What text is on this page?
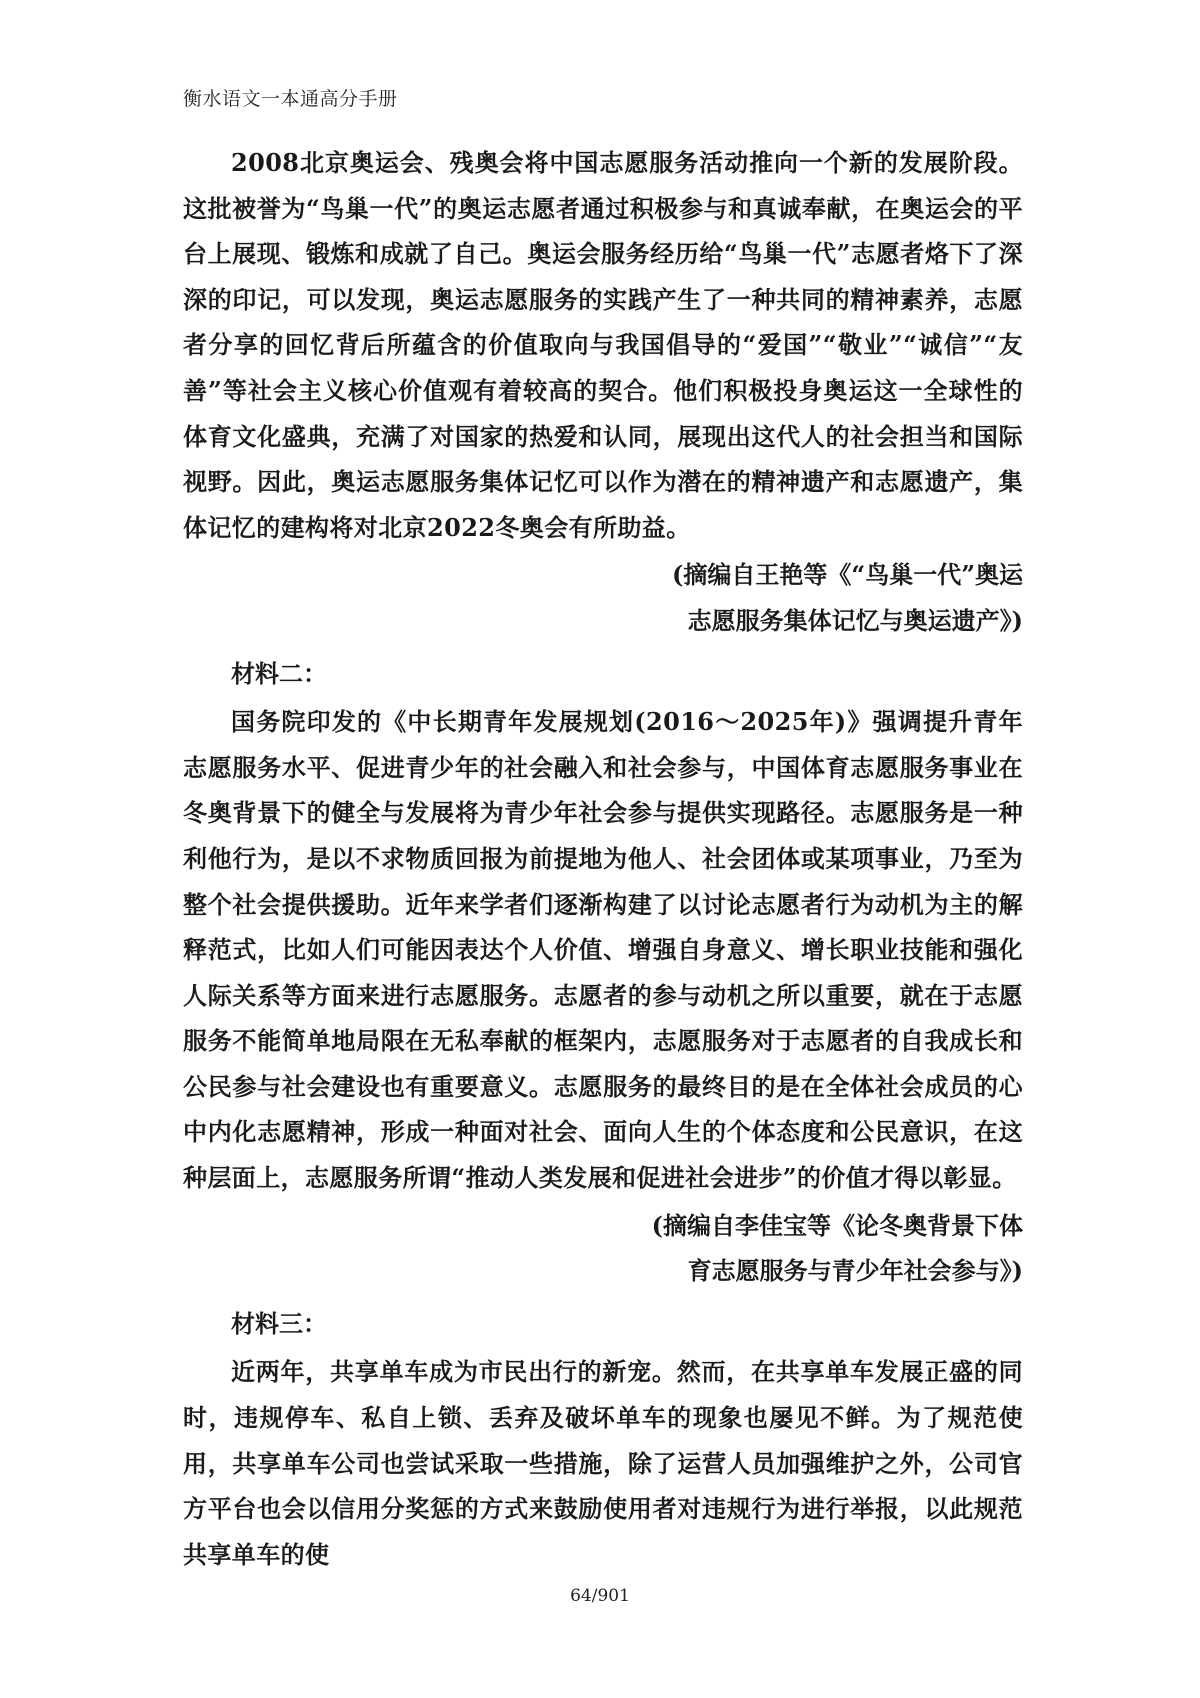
衡水语文一本通高分手册

2008北京奥运会、残奥会将中国志愿服务活动推向一个新的发展阶段。这批被誉为“鸟巢一代”的奥运志愿者通过积极参与和真诚奉献，在奥运会的平台上展现、锻炼和成就了自己。奥运会服务经历给“鸟巢一代”志愿者烙下了深深的印记，可以发现，奥运志愿服务的实践产生了一种共同的精神素养，志愿者分享的回忆背后所蕴含的价值取向与我国倡导的“爱国”“敬业”“诚信”“友善”等社会主义核心价值观有着较高的契合。他们积极投身奥运这一全球性的体育文化盛典，充满了对国家的热爱和认同，展现出这代人的社会担当和国际视野。因此，奥运志愿服务集体记忆可以作为潜在的精神遗产和志愿遗产，集体记忆的建构将对北京2022冬奥会有所助益。

(摘编自王艳等《“鸟巢一代”奥运
志愿服务集体记忆与奥运遗产》)
材料二：

国务院印发的《中长期青年发展规划(2016～2025年)》强调提升青年志愿服务水平、促进青少年的社会融入和社会参与，中国体育志愿服务事业在冬奥背景下的健全与发展将为青少年社会参与提供实现路径。志愿服务是一种利他行为，是以不求物质回报为前提地为他人、社会团体或某项事业，乃至为整个社会提供援助。近年来学者们逐渐构建了以讨论志愿者行为动机为主的解释范式，比如人们可能因表达个人价值、增强自身意义、增长职业技能和强化人际关系等方面来进行志愿服务。志愿者的参与动机之所以重要，就在于志愿服务不能简单地局限在无私奉献的框架内，志愿服务对于志愿者的自我成长和公民参与社会建设也有重要意义。志愿服务的最终目的是在全体社会成员的心中内化志愿精神，形成一种面对社会、面向人生的个体态度和公民意识，在这种层面上，志愿服务所谓“推动人类发展和促进社会进步”的价值才得以彰显。

(摘编自李佳宝等《论冬奥背景下体
育志愿服务与青少年社会参与》)
材料三：

近两年，共享单车成为市民出行的新宠。然而，在共享单车发展正盛的同时，违规停车、私自上锁、丢弃及破坏单车的现象也屡见不鲜。为了规范使用，共享单车公司也尝试采取一些措施，除了运营人员加强维护之外，公司官方平台也会以信用分奖惩的方式来鼓励使用者对违规行为进行举报，以此规范共享单车的使

64/901
